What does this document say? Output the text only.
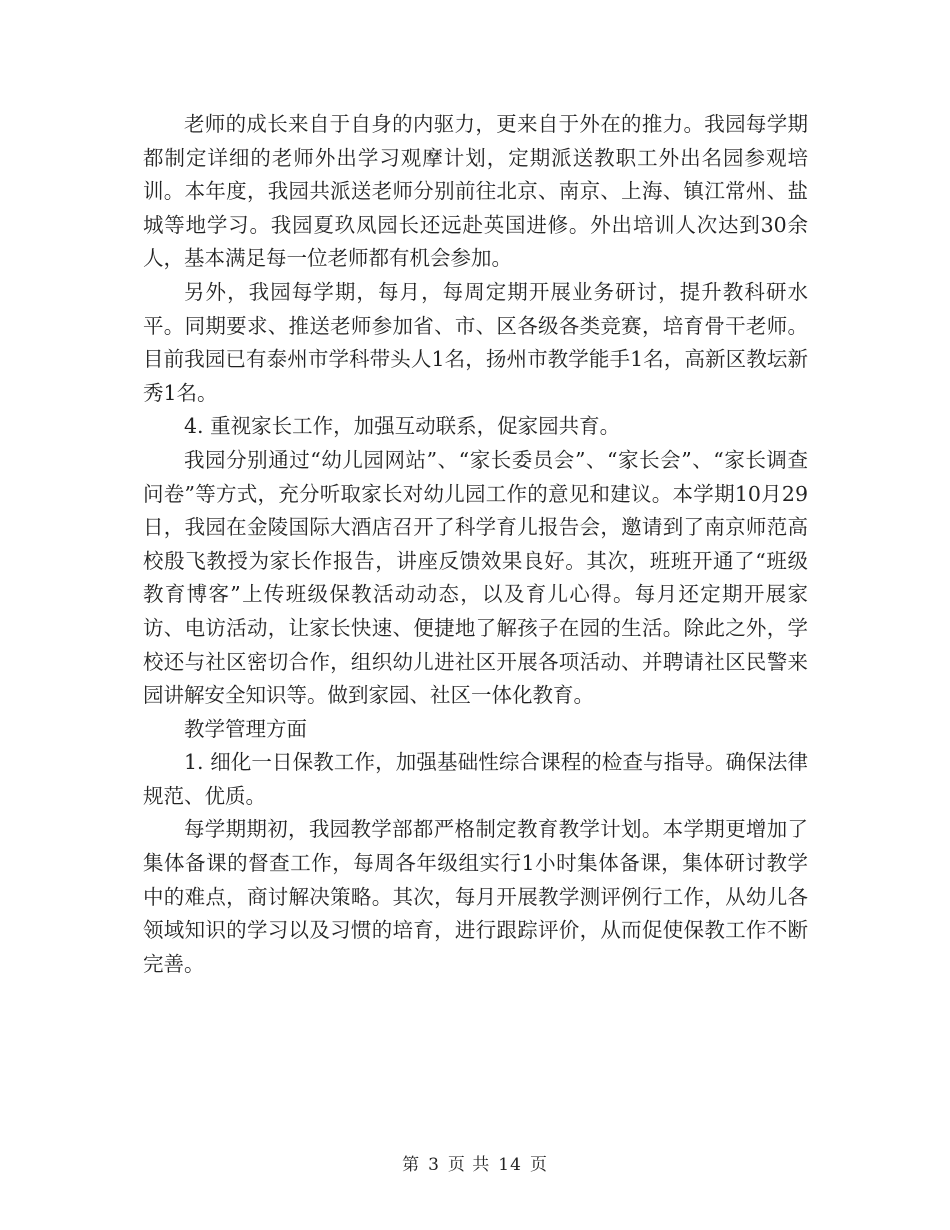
老师的成长来自于自身的内驱力，更来自于外在的推力。我园每学期都制定详细的老师外出学习观摩计划，定期派送教职工外出名园参观培训。本年度，我园共派送老师分别前往北京、南京、上海、镇江常州、盐城等地学习。我园夏玖凤园长还远赴英国进修。外出培训人次达到30余人，基本满足每一位老师都有机会参加。

另外，我园每学期，每月，每周定期开展业务研讨，提升教科研水平。同期要求、推送老师参加省、市、区各级各类竞赛，培育骨干老师。目前我园已有泰州市学科带头人1名，扬州市教学能手1名，高新区教坛新秀1名。

4. 重视家长工作，加强互动联系，促家园共育。

我园分别通过“幼儿园网站”、“家长委员会”、“家长会”、“家长调查问卷”等方式，充分听取家长对幼儿园工作的意见和建议。本学期10月29日，我园在金陵国际大酒店召开了科学育儿报告会，邀请到了南京师范高校殷飞教授为家长作报告，讲座反馈效果良好。其次，班班开通了“班级教育博客”上传班级保教活动动态，以及育儿心得。每月还定期开展家访、电访活动，让家长快速、便捷地了解孩子在园的生活。除此之外，学校还与社区密切合作，组织幼儿进社区开展各项活动、并聘请社区民警来园讲解安全知识等。做到家园、社区一体化教育。

教学管理方面

1. 细化一日保教工作，加强基础性综合课程的检查与指导。确保法律规范、优质。

每学期期初，我园教学部都严格制定教育教学计划。本学期更增加了集体备课的督查工作，每周各年级组实行1小时集体备课，集体研讨教学中的难点，商讨解决策略。其次，每月开展教学测评例行工作，从幼儿各领域知识的学习以及习惯的培育，进行跟踪评价，从而促使保教工作不断完善。

第 3 页 共 14 页
